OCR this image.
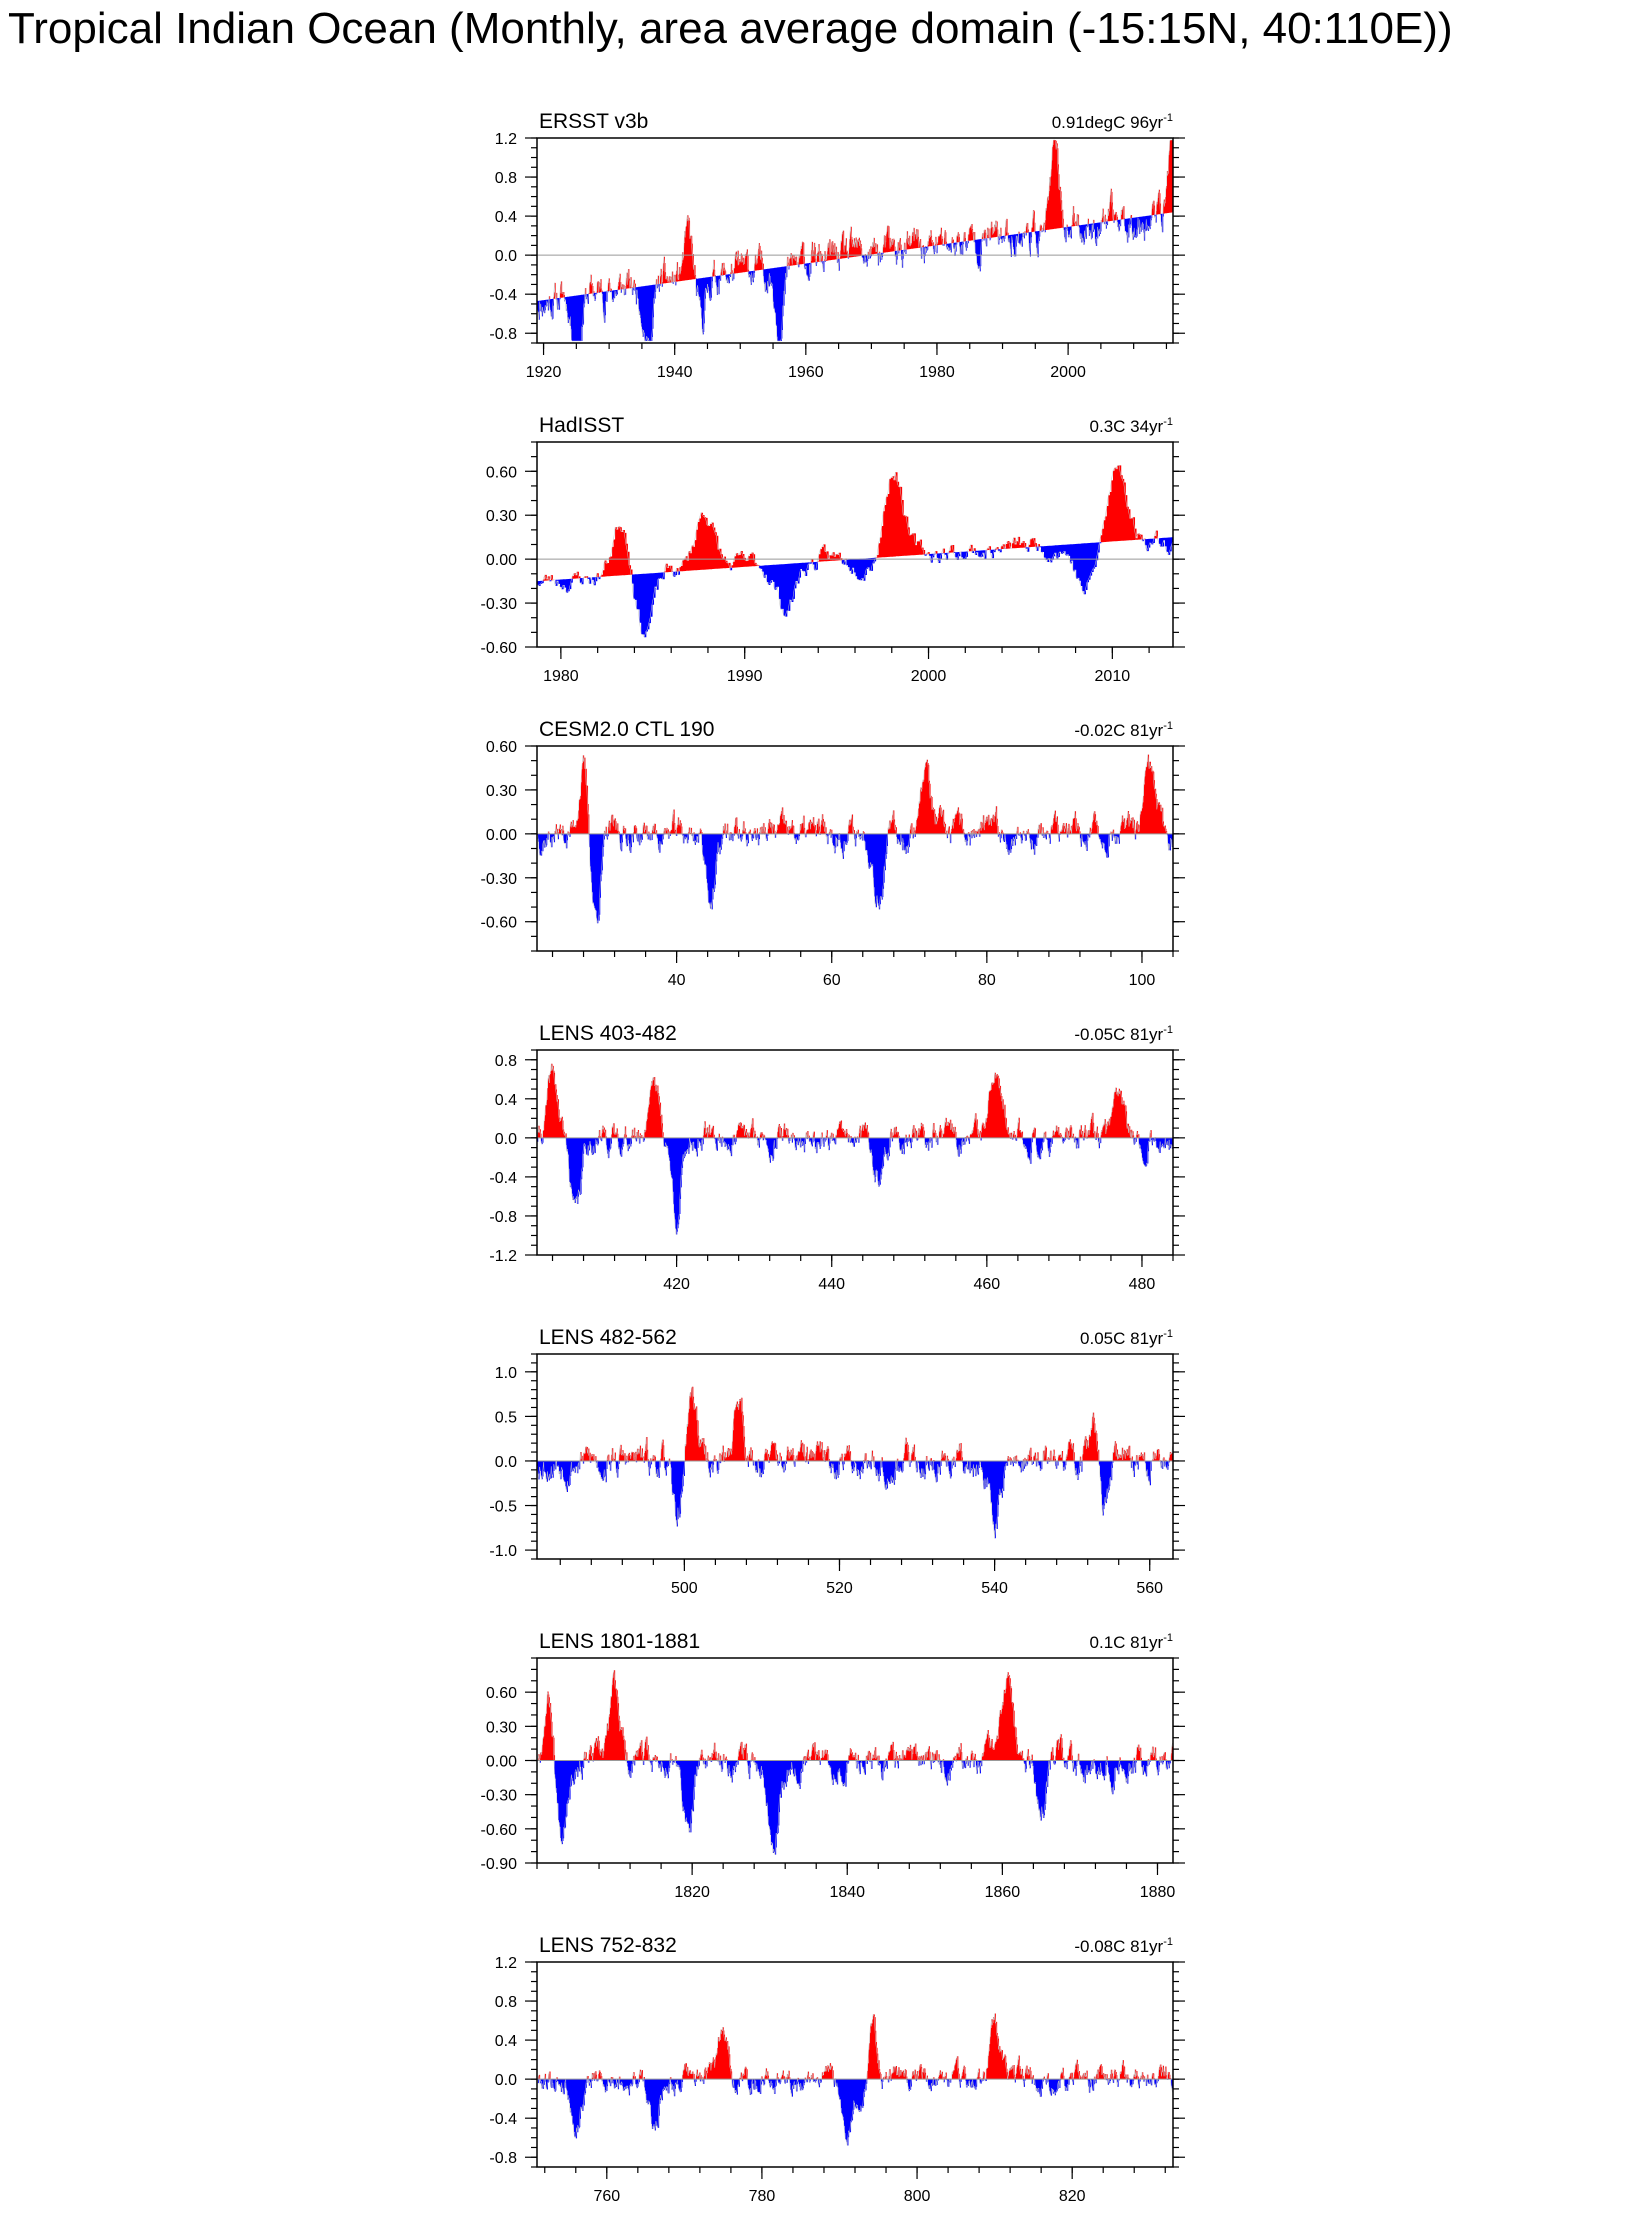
Tropical Indian Ocean (Monthly, area average domain (-15:15N, 40:110E))
ERSST v3b	0.91degC $96yr^{-1}$
1.2
0.8
0.4
0.0
-0.4
-0.8
1920	1940	1960	1980	2000
HadISST	0.3C $34yr^{-1}$
0.60
0.30
0.00
-0.30
-0.60
1980	1990	2000	2010
CESM2.0 CTL 190	-0.02C $81yr^{-1}$
0.60
0.30
0.00
-0.30
-0.60
40	60	80	100
LENS 403-482	-0.05C $81yr^{-1}$
0.8
0.4
0.0
-0.4
-0.8
-1.2
420	440	460	480
LENS 482-562	0.05C $81yr^{-1}$
1.0
0.5
0.0
-0.5
-1.0
500	520	540	560
LENS 1801-1881	0.1C $81yr^{-1}$
0.60
0.30
0.00
-0.30
-0.60
-0.90
1820	1840	1860	1880
LENS 752-832	-0.08C $81yr^{-1}$
1.2
0.8
0.4
0.0
-0.4
-0.8
760	780	800	820
